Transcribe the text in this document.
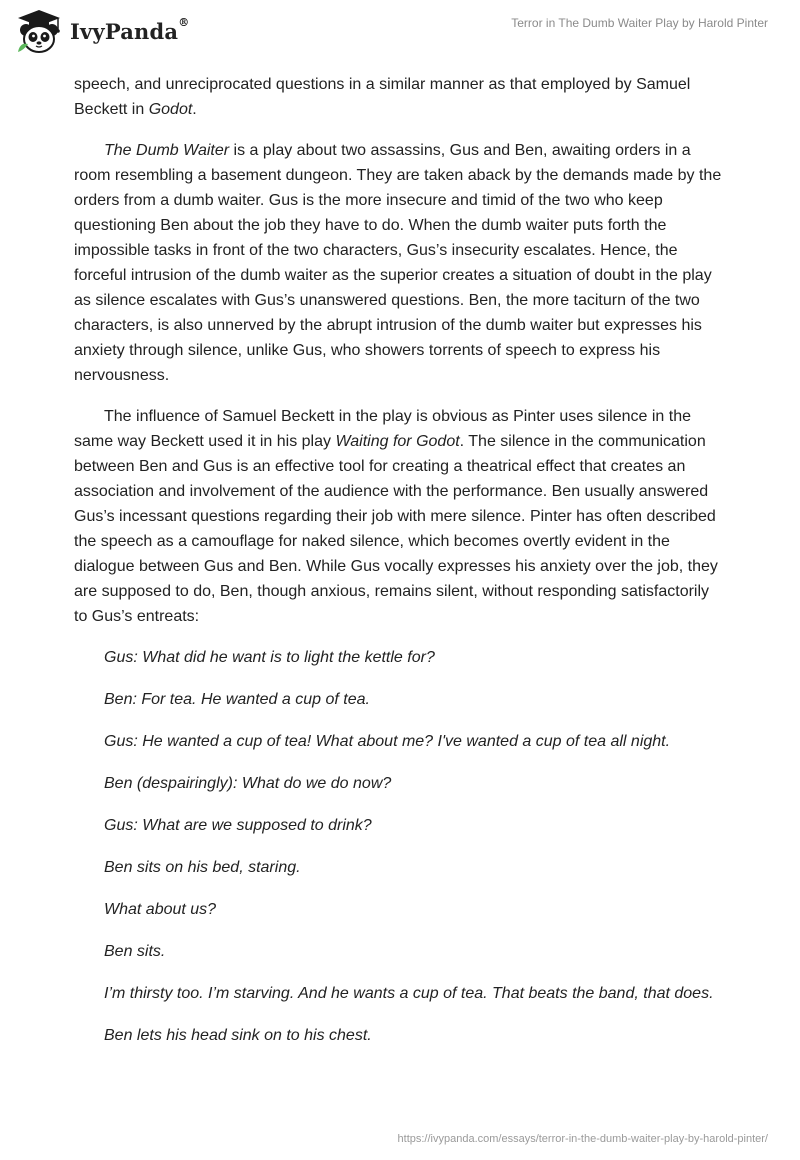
IvyPanda®	Terror in The Dumb Waiter Play by Harold Pinter

speech, and unreciprocated questions in a similar manner as that employed by Samuel Beckett in Godot.

The Dumb Waiter is a play about two assassins, Gus and Ben, awaiting orders in a room resembling a basement dungeon. They are taken aback by the demands made by the orders from a dumb waiter. Gus is the more insecure and timid of the two who keep questioning Ben about the job they have to do. When the dumb waiter puts forth the impossible tasks in front of the two characters, Gus’s insecurity escalates. Hence, the forceful intrusion of the dumb waiter as the superior creates a situation of doubt in the play as silence escalates with Gus’s unanswered questions. Ben, the more taciturn of the two characters, is also unnerved by the abrupt intrusion of the dumb waiter but expresses his anxiety through silence, unlike Gus, who showers torrents of speech to express his nervousness.

The influence of Samuel Beckett in the play is obvious as Pinter uses silence in the same way Beckett used it in his play Waiting for Godot. The silence in the communication between Ben and Gus is an effective tool for creating a theatrical effect that creates an association and involvement of the audience with the performance. Ben usually answered Gus’s incessant questions regarding their job with mere silence. Pinter has often described the speech as a camouflage for naked silence, which becomes overtly evident in the dialogue between Gus and Ben. While Gus vocally expresses his anxiety over the job, they are supposed to do, Ben, though anxious, remains silent, without responding satisfactorily to Gus’s entreats:

Gus: What did he want is to light the kettle for?

Ben: For tea. He wanted a cup of tea.

Gus: He wanted a cup of tea! What about me? I've wanted a cup of tea all night.

Ben (despairingly): What do we do now?

Gus: What are we supposed to drink?

Ben sits on his bed, staring.

What about us?

Ben sits.

I’m thirsty too. I’m starving. And he wants a cup of tea. That beats the band, that does.

Ben lets his head sink on to his chest.

https://ivypanda.com/essays/terror-in-the-dumb-waiter-play-by-harold-pinter/
